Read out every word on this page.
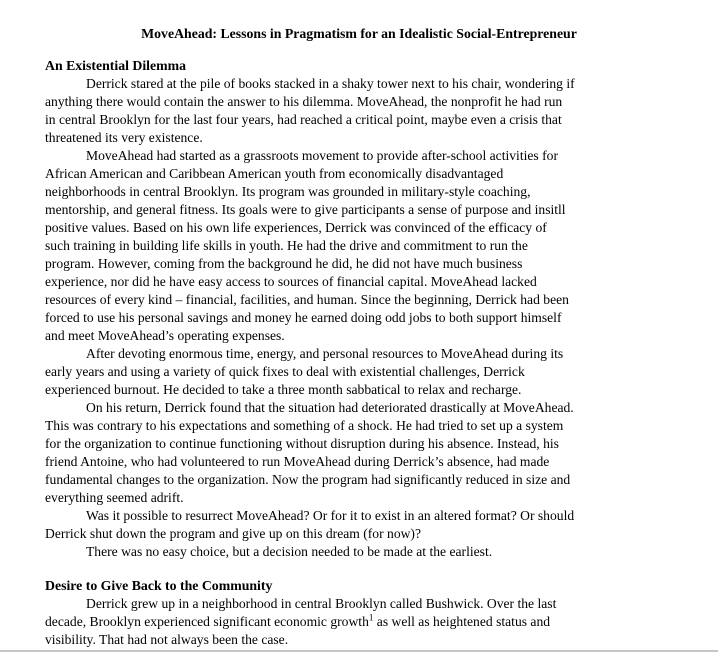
MoveAhead: Lessons in Pragmatism for an Idealistic Social-Entrepreneur
An Existential Dilemma
Derrick stared at the pile of books stacked in a shaky tower next to his chair, wondering if
anything there would contain the answer to his dilemma. MoveAhead, the nonprofit he had run
in central Brooklyn for the last four years, had reached a critical point, maybe even a crisis that
threatened its very existence.
MoveAhead had started as a grassroots movement to provide after-school activities for
African American and Caribbean American youth from economically disadvantaged
neighborhoods in central Brooklyn. Its program was grounded in military-style coaching,
mentorship, and general fitness. Its goals were to give participants a sense of purpose and insitll
positive values. Based on his own life experiences, Derrick was convinced of the efficacy of
such training in building life skills in youth. He had the drive and commitment to run the
program. However, coming from the background he did, he did not have much business
experience, nor did he have easy access to sources of financial capital. MoveAhead lacked
resources of every kind – financial, facilities, and human. Since the beginning, Derrick had been
forced to use his personal savings and money he earned doing odd jobs to both support himself
and meet MoveAhead’s operating expenses.
After devoting enormous time, energy, and personal resources to MoveAhead during its
early years and using a variety of quick fixes to deal with existential challenges, Derrick
experienced burnout. He decided to take a three month sabbatical to relax and recharge.
On his return, Derrick found that the situation had deteriorated drastically at MoveAhead.
This was contrary to his expectations and something of a shock. He had tried to set up a system
for the organization to continue functioning without disruption during his absence. Instead, his
friend Antoine, who had volunteered to run MoveAhead during Derrick’s absence, had made
fundamental changes to the organization. Now the program had significantly reduced in size and
everything seemed adrift.
Was it possible to resurrect MoveAhead? Or for it to exist in an altered format? Or should
Derrick shut down the program and give up on this dream (for now)?
There was no easy choice, but a decision needed to be made at the earliest.
Desire to Give Back to the Community
Derrick grew up in a neighborhood in central Brooklyn called Bushwick. Over the last
decade, Brooklyn experienced significant economic growth$^1$ as well as heightened status and
visibility. That had not always been the case.
